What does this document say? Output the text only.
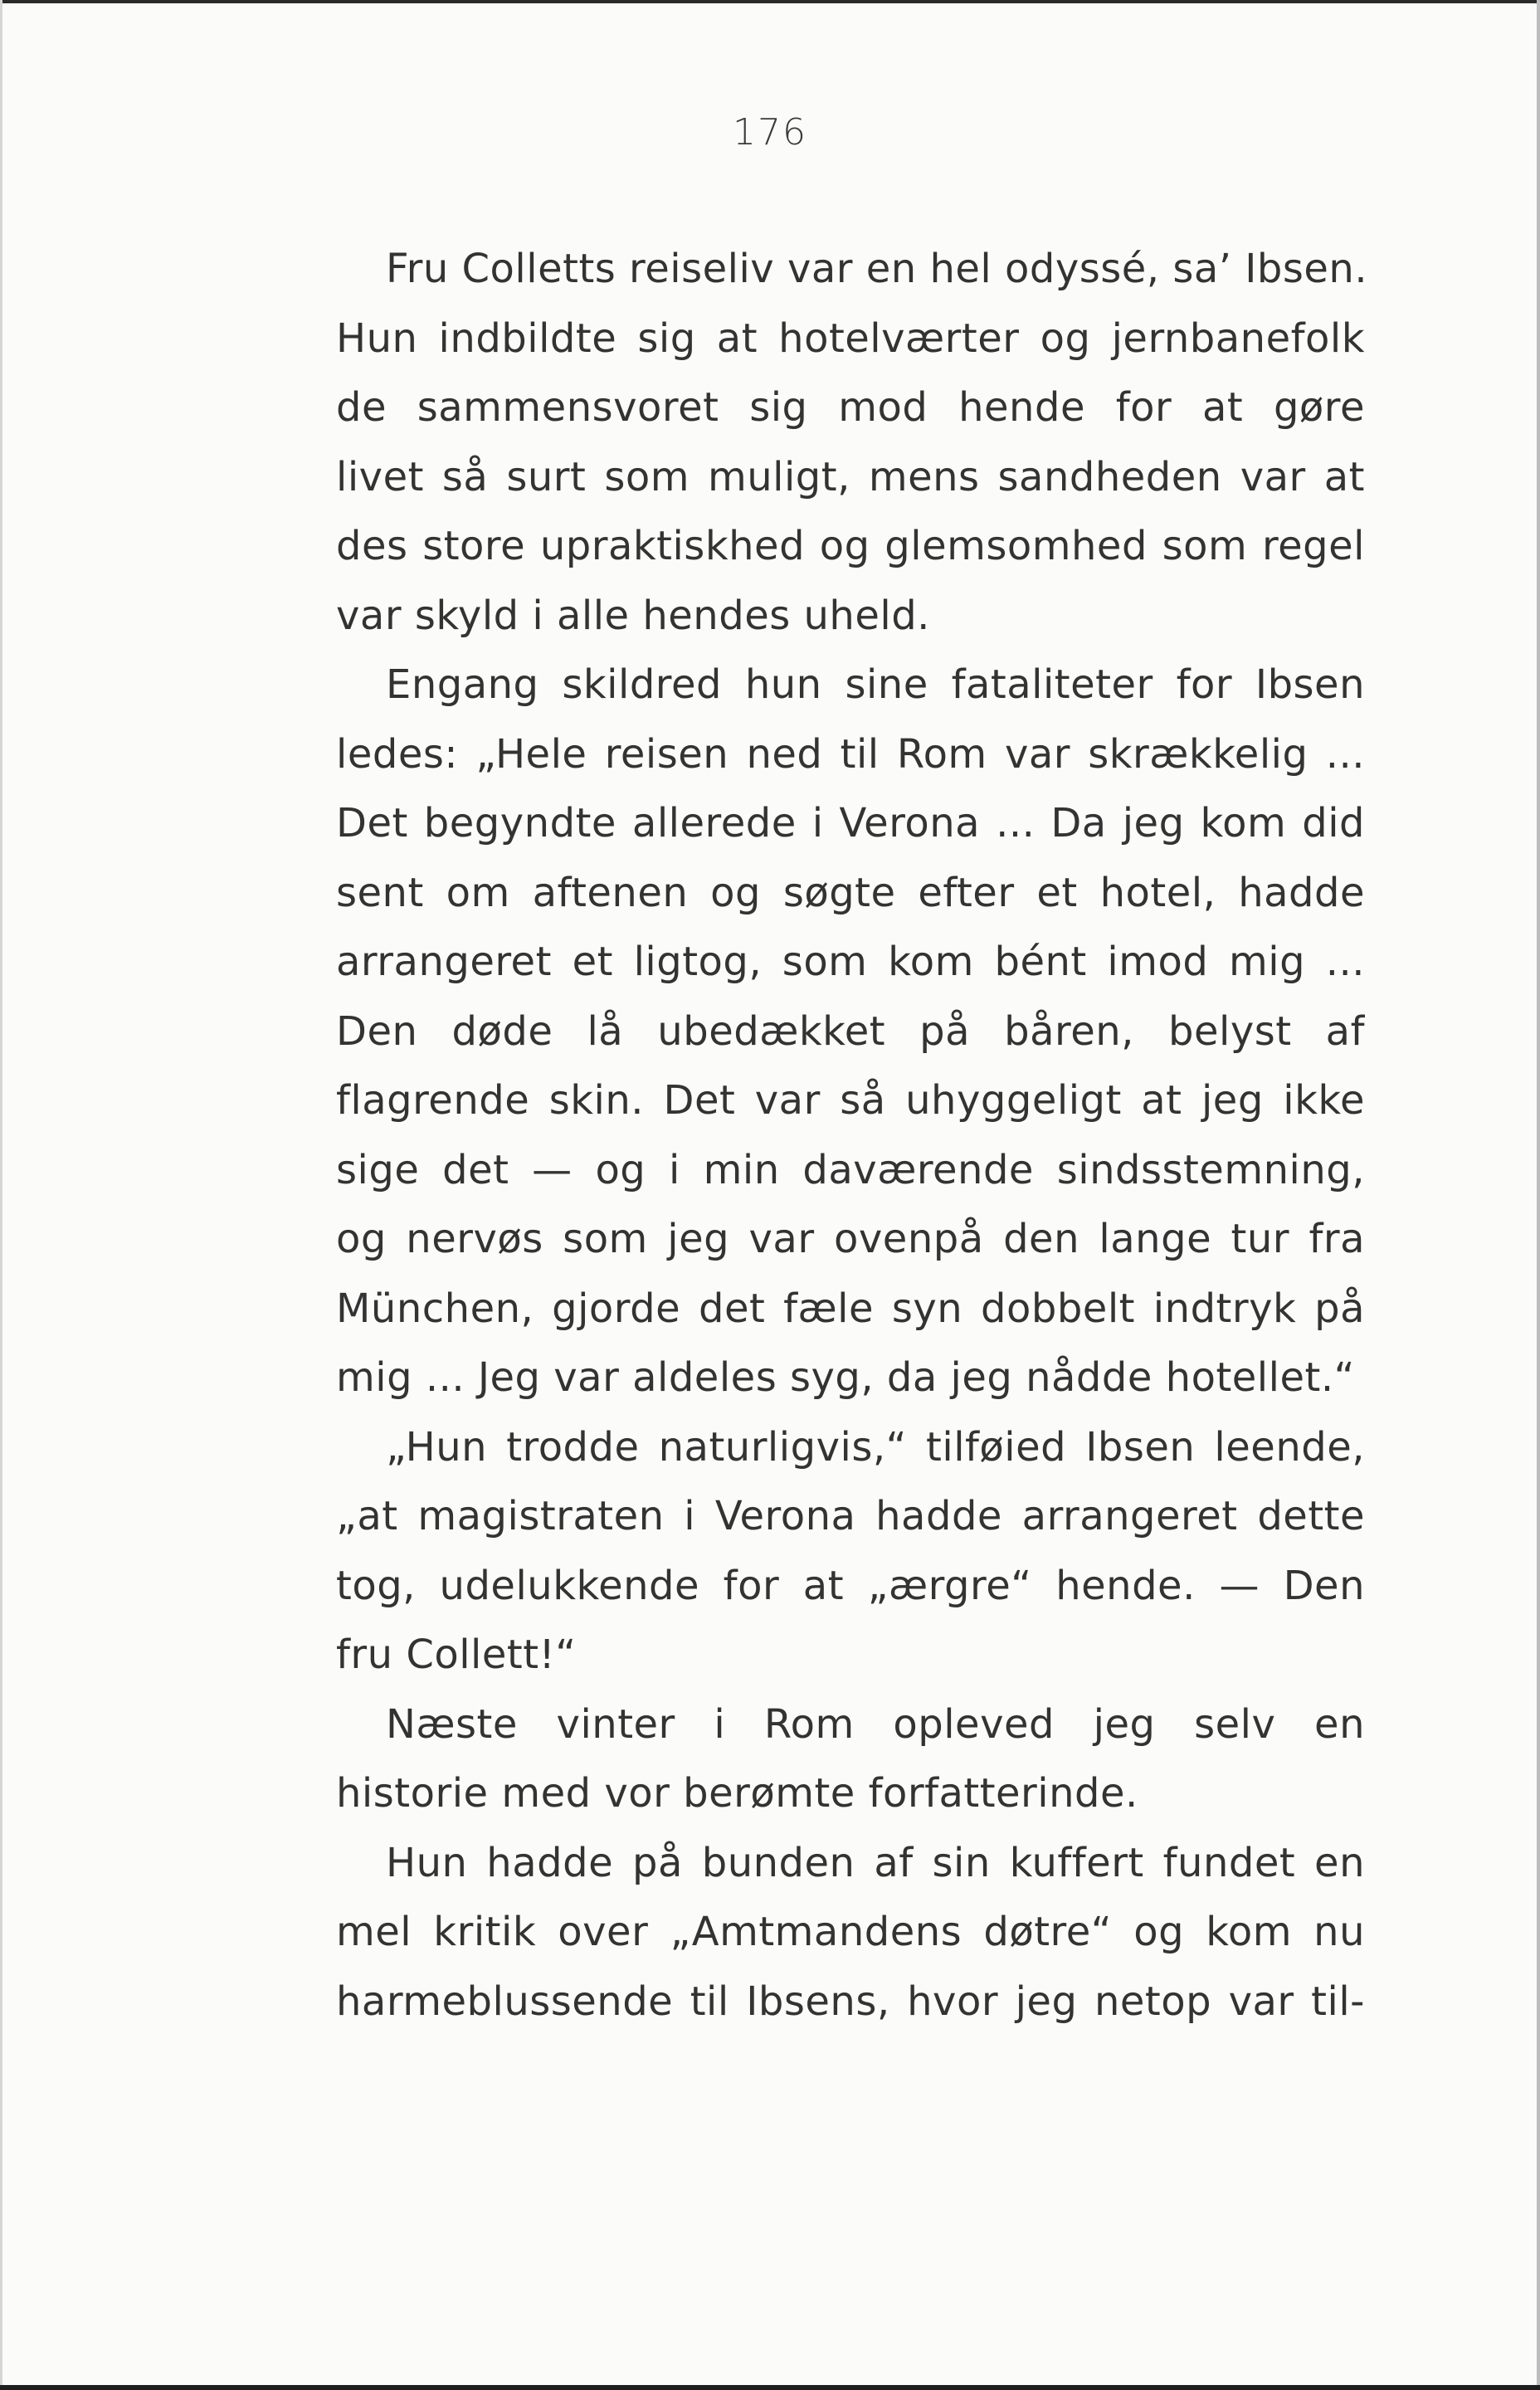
176
Fru Colletts reiseliv var en hel odyssé, sa’ Ibsen.
Hun indbildte sig at hotelværter og jernbanefolk
de sammensvoret sig mod hende for at gøre
livet så surt som muligt, mens sandheden var at
des store upraktiskhed og glemsomhed som regel
var skyld i alle hendes uheld.
Engang skildred hun sine fataliteter for Ibsen
ledes: „Hele reisen ned til Rom var skrækkelig ...
Det begyndte allerede i Verona ... Da jeg kom did
sent om aftenen og søgte efter et hotel, hadde
arrangeret et ligtog, som kom bént imod mig ...
Den døde lå ubedækket på båren, belyst af
flagrende skin. Det var så uhyggeligt at jeg ikke
sige det — og i min daværende sindsstemning,
og nervøs som jeg var ovenpå den lange tur fra
München, gjorde det fæle syn dobbelt indtryk på
mig ... Jeg var aldeles syg, da jeg nådde hotellet.“
„Hun trodde naturligvis,“ tilføied Ibsen leende,
„at magistraten i Verona hadde arrangeret dette
tog, udelukkende for at „ærgre“ hende. — Den
fru Collett!“
Næste vinter i Rom opleved jeg selv en
historie med vor berømte forfatterinde.
Hun hadde på bunden af sin kuffert fundet en
mel kritik over „Amtmandens døtre“ og kom nu
harmeblussende til Ibsens, hvor jeg netop var til-
